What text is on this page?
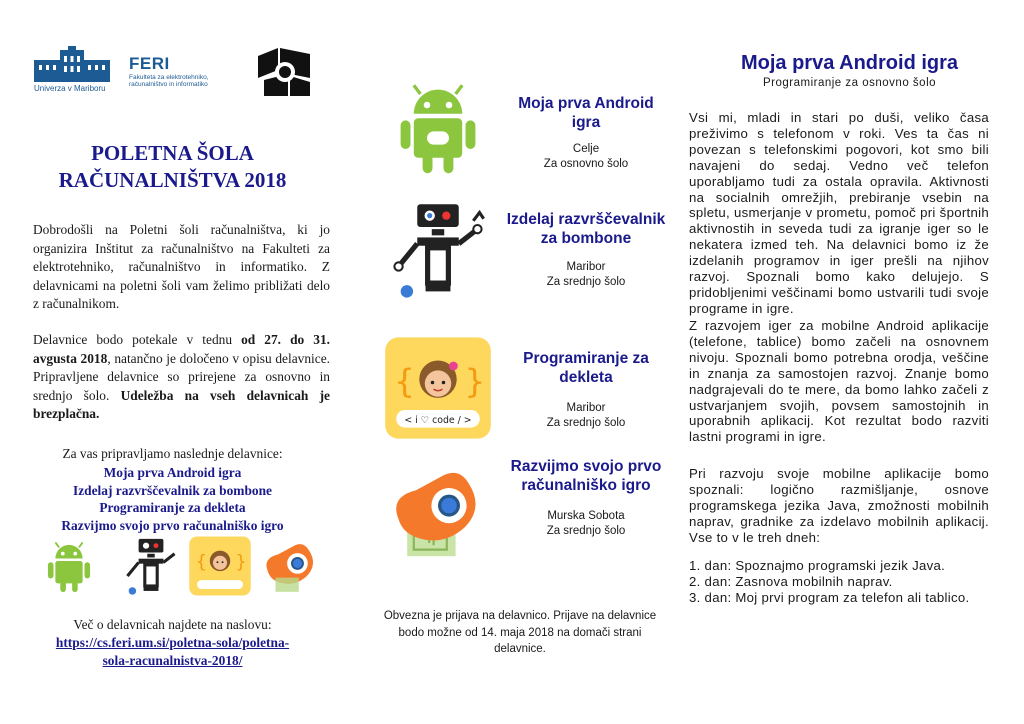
Univerza v Mariboru
FERI
Fakulteta za elektrotehniko, računalništvo in informatiko
POLETNA ŠOLA
RAČUNALNIŠTVA 2018
Dobrodošli na Poletni šoli računalništva, ki jo organizira Inštitut za računalništvo na Fakulteti za elektrotehniko, računalništvo in informatiko. Z delavnicami na poletni šoli vam želimo približati delo z računalnikom.
Delavnice bodo potekale v tednu od 27. do 31. avgusta 2018, natančno je določeno v opisu delavnice. Pripravljene delavnice so prirejene za osnovno in srednjo šolo. Udeležba na vseh delavnicah je brezplačna.
Za vas pripravljamo naslednje delavnice:
Moja prva Android igra
Izdelaj razvrščevalnik za bombone
Programiranje za dekleta
Razvijmo svojo prvo računalniško igro
{ }
Več o delavnicah najdete na naslovu:
https://cs.feri.um.si/poletna-sola/poletna-
sola-racunalnistva-2018/
Moja prva Android igra
Celje
Za osnovno šolo
Izdelaj razvrščevalnik za bombone
Maribor
Za srednjo šolo
{ }
< i ♡ code / >
Programiranje za dekleta
Maribor
Za srednjo šolo
Razvijmo svojo prvo računalniško igro
Murska Sobota
Za srednjo šolo
Obvezna je prijava na delavnico. Prijave na delavnice bodo možne od 14. maja 2018 na domači strani delavnice.
Moja prva Android igra
Programiranje za osnovno šolo
Vsi mi, mladi in stari po duši, veliko časa preživimo s telefonom v roki. Ves ta čas ni povezan s telefonskimi pogovori, kot smo bili navajeni do sedaj. Vedno več telefon uporabljamo tudi za ostala opravila. Aktivnosti na socialnih omrežjih, prebiranje vsebin na spletu, usmerjanje v prometu, pomoč pri športnih aktivnostih in seveda tudi za igranje iger so le nekatera izmed teh. Na delavnici bomo iz že izdelanih programov in iger prešli na njihov razvoj. Spoznali bomo kako delujejo. S pridobljenimi veščinami bomo ustvarili tudi svoje programe in igre.
Z razvojem iger za mobilne Android aplikacije (telefone, tablice) bomo začeli na osnovnem nivoju. Spoznali bomo potrebna orodja, veščine in znanja za samostojen razvoj. Znanje bomo nadgrajevali do te mere, da bomo lahko začeli z ustvarjanjem svojih, povsem samostojnih in uporabnih aplikacij. Kot rezultat bodo razviti lastni programi in igre.
Pri razvoju svoje mobilne aplikacije bomo spoznali: logično razmišljanje, osnove programskega jezika Java, zmožnosti mobilnih naprav, gradnike za izdelavo mobilnih aplikacij. Vse to v le treh dneh:
1. dan: Spoznajmo programski jezik Java.
2. dan: Zasnova mobilnih naprav.
3. dan: Moj prvi program za telefon ali tablico.
